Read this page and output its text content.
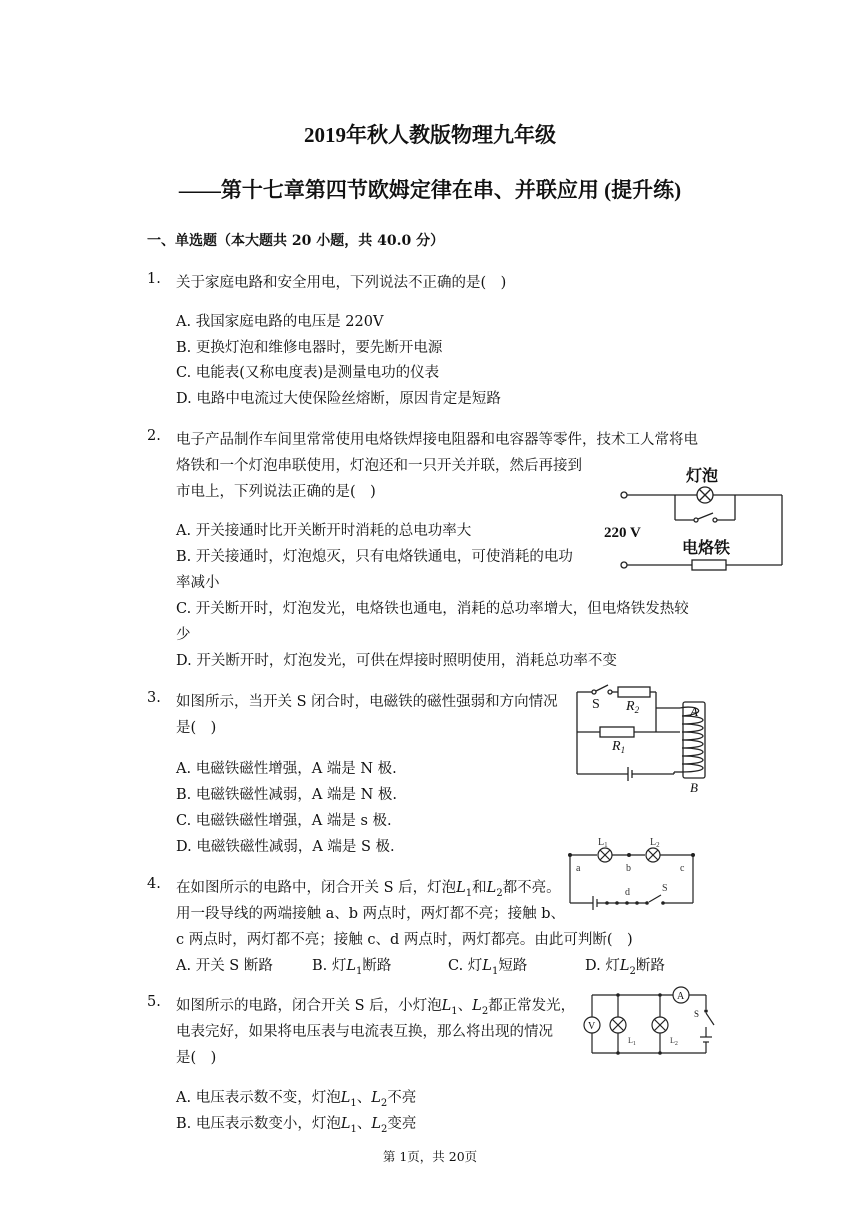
2019年秋人教版物理九年级
——第十七章第四节欧姆定律在串、并联应用 (提升练)
一、单选题（本大题共 20 小题，共 40.0 分）
1. 关于家庭电路和安全用电，下列说法不正确的是(　)
A. 我国家庭电路的电压是 220V
B. 更换灯泡和维修电器时，要先断开电源
C. 电能表(又称电度表)是测量电功的仪表
D. 电路中电流过大使保险丝熔断，原因肯定是短路
2. 电子产品制作车间里常常使用电烙铁焊接电阻器和电容器等零件，技术工人常将电
烙铁和一个灯泡串联使用，灯泡还和一只开关并联，然后再接到
市电上，下列说法正确的是(　)
A. 开关接通时比开关断开时消耗的总电功率大
B. 开关接通时，灯泡熄灭，只有电烙铁通电，可使消耗的电功
率减小
C. 开关断开时，灯泡发光，电烙铁也通电，消耗的总功率增大，但电烙铁发热较
少
D. 开关断开时，灯泡发光，可供在焊接时照明使用，消耗总功率不变
灯泡
220 V
电烙铁
3. 如图所示，当开关 S 闭合时，电磁铁的磁性强弱和方向情况
是(　)
A. 电磁铁磁性增强，A 端是 N 极.
B. 电磁铁磁性减弱，A 端是 N 极.
C. 电磁铁磁性增强，A 端是 s 极.
D. 电磁铁磁性减弱，A 端是 S 极.
S $R_2$
$R_1$
A
B
4. 在如图所示的电路中，闭合开关 S 后，灯泡$L_1$和$L_2$都不亮。
用一段导线的两端接触 a、b 两点时，两灯都不亮；接触 b、
c 两点时，两灯都不亮；接触 c、d 两点时，两灯都亮。由此可判断(　)
A. 开关 S 断路	B. 灯$L_1$断路	C. 灯$L_1$短路	D. 灯$L_2$断路
$L_1$	$L_2$
a	b	c
d	S
5. 如图所示的电路，闭合开关 S 后，小灯泡$L_1$、$L_2$都正常发光，
电表完好，如果将电压表与电流表互换，那么将出现的情况
是(　)
A. 电压表示数不变，灯泡$L_1$、$L_2$不亮
B. 电压表示数变小，灯泡$L_1$、$L_2$变亮
A
V
S
$L_1$	$L_2$
第 1页，共 20页
